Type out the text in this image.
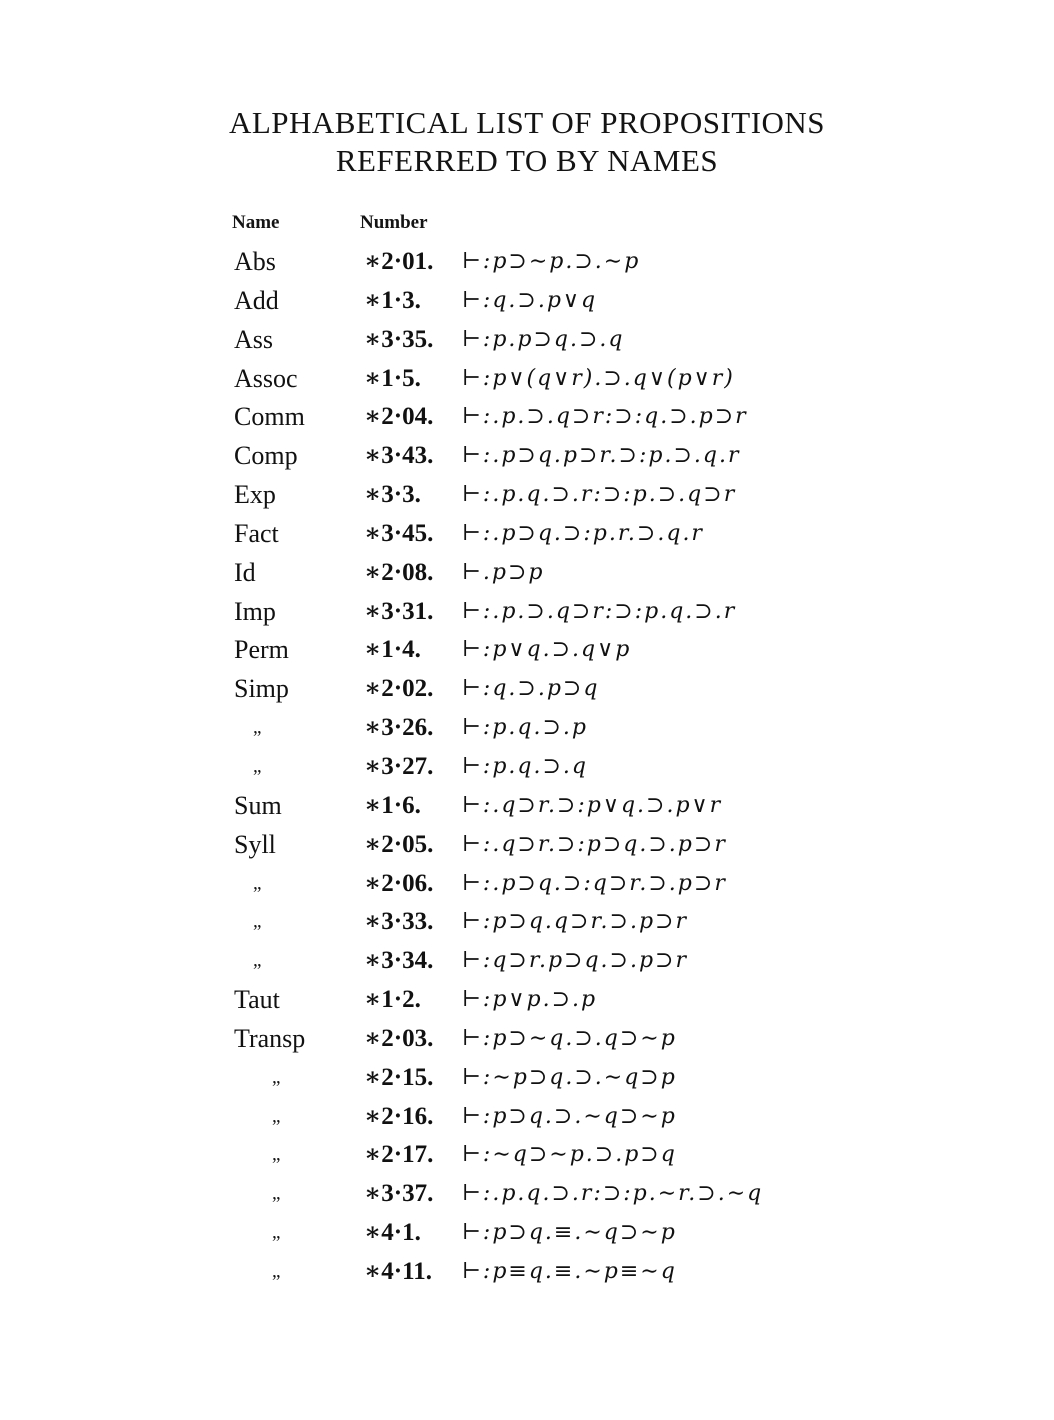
ALPHABETICAL LIST OF PROPOSITIONS
REFERRED TO BY NAMES
Name	Number
Abs	∗2·01. ⊢:p⊃∼p.⊃.∼p
Add	∗1·3. ⊢:q.⊃.p∨q
Ass	∗3·35. ⊢:p.p⊃q.⊃.q
Assoc	∗1·5. ⊢:p∨(q∨r).⊃.q∨(p∨r)
Comm ∗2·04. ⊢:.p.⊃.q⊃r:⊃:q.⊃.p⊃r
Comp	∗3·43. ⊢:.p⊃q.p⊃r.⊃:p.⊃.q.r
Exp	∗3·3. ⊢:.p.q.⊃.r:⊃:p.⊃.q⊃r
Fact	∗3·45. ⊢:.p⊃q.⊃:p.r.⊃.q.r
Id	∗2·08. ⊢.p⊃p
Imp	∗3·31. ⊢:.p.⊃.q⊃r:⊃:p.q.⊃.r
Perm	∗1·4. ⊢:p∨q.⊃.q∨p
Simp	∗2·02. ⊢:q.⊃.p⊃q
„	∗3·26. ⊢:p.q.⊃.p
„	∗3·27. ⊢:p.q.⊃.q
Sum	∗1·6. ⊢:.q⊃r.⊃:p∨q.⊃.p∨r
Syll	∗2·05. ⊢:.q⊃r.⊃:p⊃q.⊃.p⊃r
„	∗2·06. ⊢:.p⊃q.⊃:q⊃r.⊃.p⊃r
„	∗3·33. ⊢:p⊃q.q⊃r.⊃.p⊃r
„	∗3·34. ⊢:q⊃r.p⊃q.⊃.p⊃r
Taut	∗1·2. ⊢:p∨p.⊃.p
Transp ∗2·03. ⊢:p⊃∼q.⊃.q⊃∼p
„	∗2·15. ⊢:∼p⊃q.⊃.∼q⊃p
„	∗2·16. ⊢:p⊃q.⊃.∼q⊃∼p
„	∗2·17. ⊢:∼q⊃∼p.⊃.p⊃q
„	∗3·37. ⊢:.p.q.⊃.r:⊃:p.∼r.⊃.∼q
„	∗4·1. ⊢:p⊃q.≡.∼q⊃∼p
„	∗4·11. ⊢:p≡q.≡.∼p≡∼q
